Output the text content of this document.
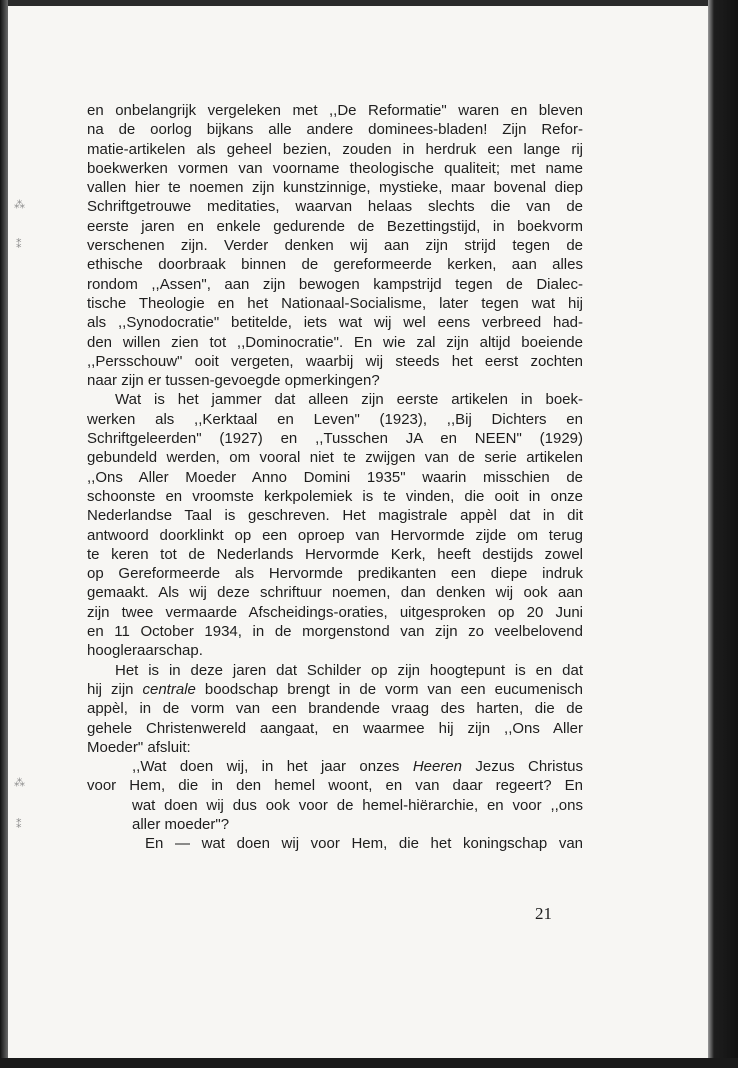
⁂
⁑
⁂
⁑
en onbelangrijk vergeleken met ,,De Reformatie" waren en bleven
na de oorlog bijkans alle andere dominees-bladen! Zijn Refor-
matie-artikelen als geheel bezien, zouden in herdruk een lange rij
boekwerken vormen van voorname theologische qualiteit; met name
vallen hier te noemen zijn kunstzinnige, mystieke, maar bovenal diep
Schriftgetrouwe meditaties, waarvan helaas slechts die van de
eerste jaren en enkele gedurende de Bezettingstijd, in boekvorm
verschenen zijn. Verder denken wij aan zijn strijd tegen de
ethische doorbraak binnen de gereformeerde kerken, aan alles
rondom ,,Assen", aan zijn bewogen kampstrijd tegen de Dialec-
tische Theologie en het Nationaal-Socialisme, later tegen wat hij
als ,,Synodocratie" betitelde, iets wat wij wel eens verbreed had-
den willen zien tot ,,Dominocratie". En wie zal zijn altijd boeiende
,,Persschouw" ooit vergeten, waarbij wij steeds het eerst zochten
naar zijn er tussen-gevoegde opmerkingen?
Wat is het jammer dat alleen zijn eerste artikelen in boek-
werken als ,,Kerktaal en Leven" (1923), ,,Bij Dichters en
Schriftgeleerden" (1927) en ,,Tusschen JA en NEEN" (1929)
gebundeld werden, om vooral niet te zwijgen van de serie artikelen
,,Ons Aller Moeder Anno Domini 1935" waarin misschien de
schoonste en vroomste kerkpolemiek is te vinden, die ooit in onze
Nederlandse Taal is geschreven. Het magistrale appèl dat in dit
antwoord doorklinkt op een oproep van Hervormde zijde om terug
te keren tot de Nederlands Hervormde Kerk, heeft destijds zowel
op Gereformeerde als Hervormde predikanten een diepe indruk
gemaakt. Als wij deze schriftuur noemen, dan denken wij ook aan
zijn twee vermaarde Afscheidings-oraties, uitgesproken op 20 Juni
en 11 October 1934, in de morgenstond van zijn zo veelbelovend
hoogleraarschap.
Het is in deze jaren dat Schilder op zijn hoogtepunt is en dat
hij zijn centrale boodschap brengt in de vorm van een eucumenisch
appèl, in de vorm van een brandende vraag des harten, die de
gehele Christenwereld aangaat, en waarmee hij zijn ,,Ons Aller
Moeder" afsluit:
,,Wat doen wij, in het jaar onzes Heeren Jezus Christus
voor Hem, die in den hemel woont, en van daar regeert? En
wat doen wij dus ook voor de hemel-hiërarchie, en voor ,,ons
aller moeder"?
En — wat doen wij voor Hem, die het koningschap van
21
